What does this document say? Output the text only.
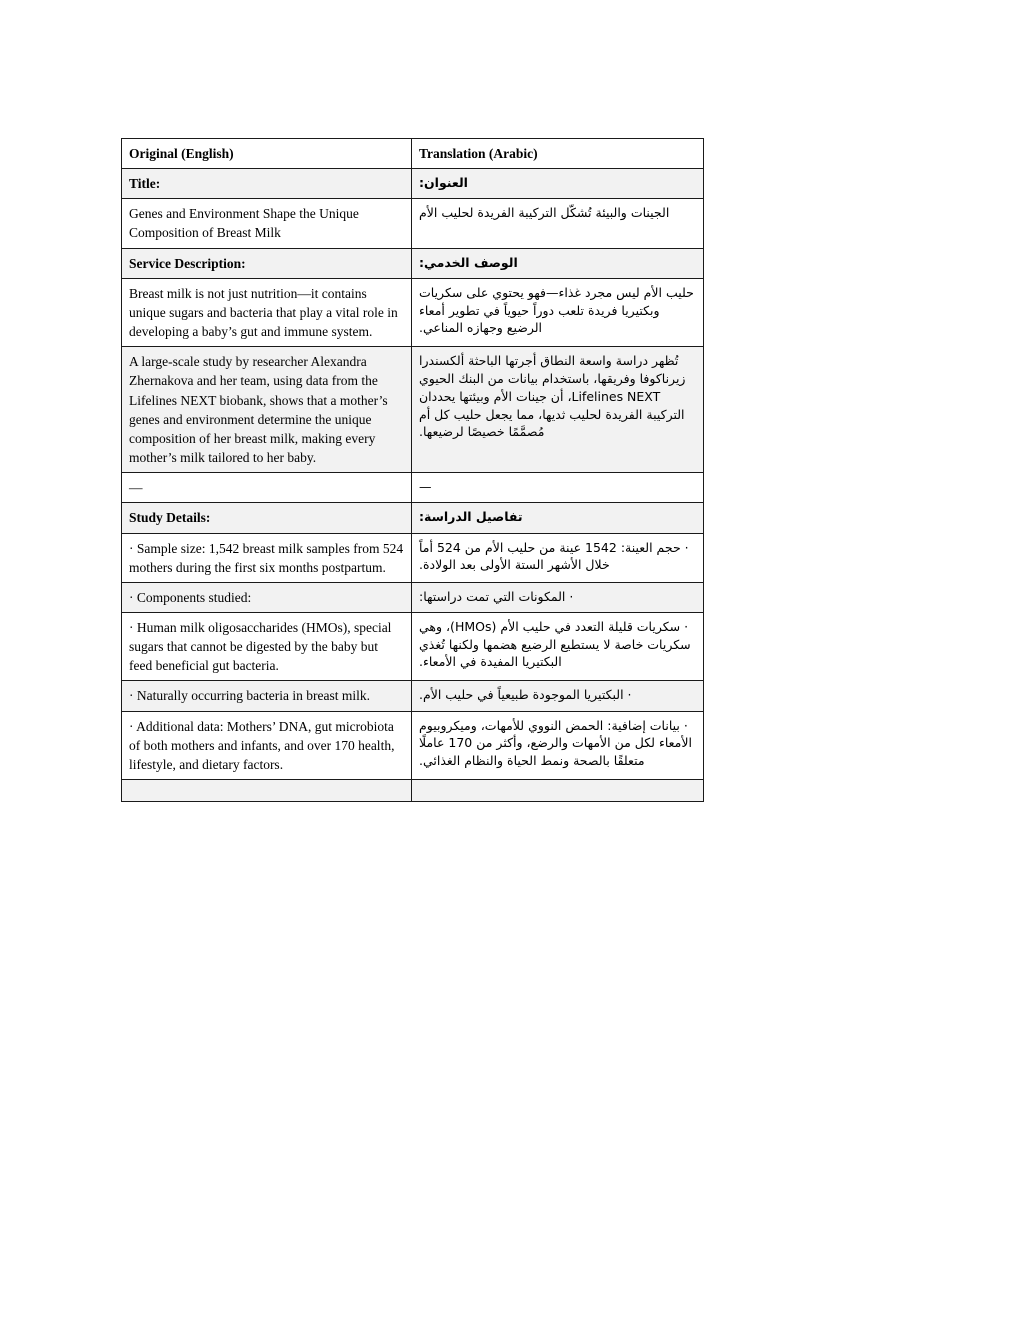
Original (English)	Translation (Arabic)
Title:	العنوان:
Genes and Environment Shape the Unique Composition of Breast Milk	الجينات والبيئة تُشكّل التركيبة الفريدة لحليب الأم
Service Description:	الوصف الخدمي:
Breast milk is not just nutrition—it contains unique sugars and bacteria that play a vital role in developing a baby’s gut and immune system.	حليب الأم ليس مجرد غذاء—فهو يحتوي على سكريات وبكتيريا فريدة تلعب دوراً حيوياً في تطوير أمعاء الرضيع وجهازه المناعي.
A large-scale study by researcher Alexandra Zhernakova and her team, using data from the Lifelines NEXT biobank, shows that a mother’s genes and environment determine the unique composition of her breast milk, making every mother’s milk tailored to her baby.	تُظهر دراسة واسعة النطاق أجرتها الباحثة ألكسندرا زيرناكوفا وفريقها، باستخدام بيانات من البنك الحيوي Lifelines NEXT، أن جينات الأم وبيئتها يحددان التركيبة الفريدة لحليب ثديها، مما يجعل حليب كل أم مُصمَّمًا خصيصًا لرضيعها.
—	—
Study Details:	تفاصيل الدراسة:
· Sample size: 1,542 breast milk samples from 524 mothers during the first six months postpartum.	· حجم العينة: 1542 عينة من حليب الأم من 524 أماً خلال الأشهر الستة الأولى بعد الولادة.
· Components studied:	· المكونات التي تمت دراستها:
· Human milk oligosaccharides (HMOs), special sugars that cannot be digested by the baby but feed beneficial gut bacteria.	· سكريات قليلة التعدد في حليب الأم (HMOs)، وهي سكريات خاصة لا يستطيع الرضيع هضمها ولكنها تُغذي البكتيريا المفيدة في الأمعاء.
· Naturally occurring bacteria in breast milk.	· البكتيريا الموجودة طبيعياً في حليب الأم.
· Additional data: Mothers’ DNA, gut microbiota of both mothers and infants, and over 170 health, lifestyle, and dietary factors.	· بيانات إضافية: الحمض النووي للأمهات، وميكروبيوم الأمعاء لكل من الأمهات والرضع، وأكثر من 170 عاملًا متعلقًا بالصحة ونمط الحياة والنظام الغذائي.
